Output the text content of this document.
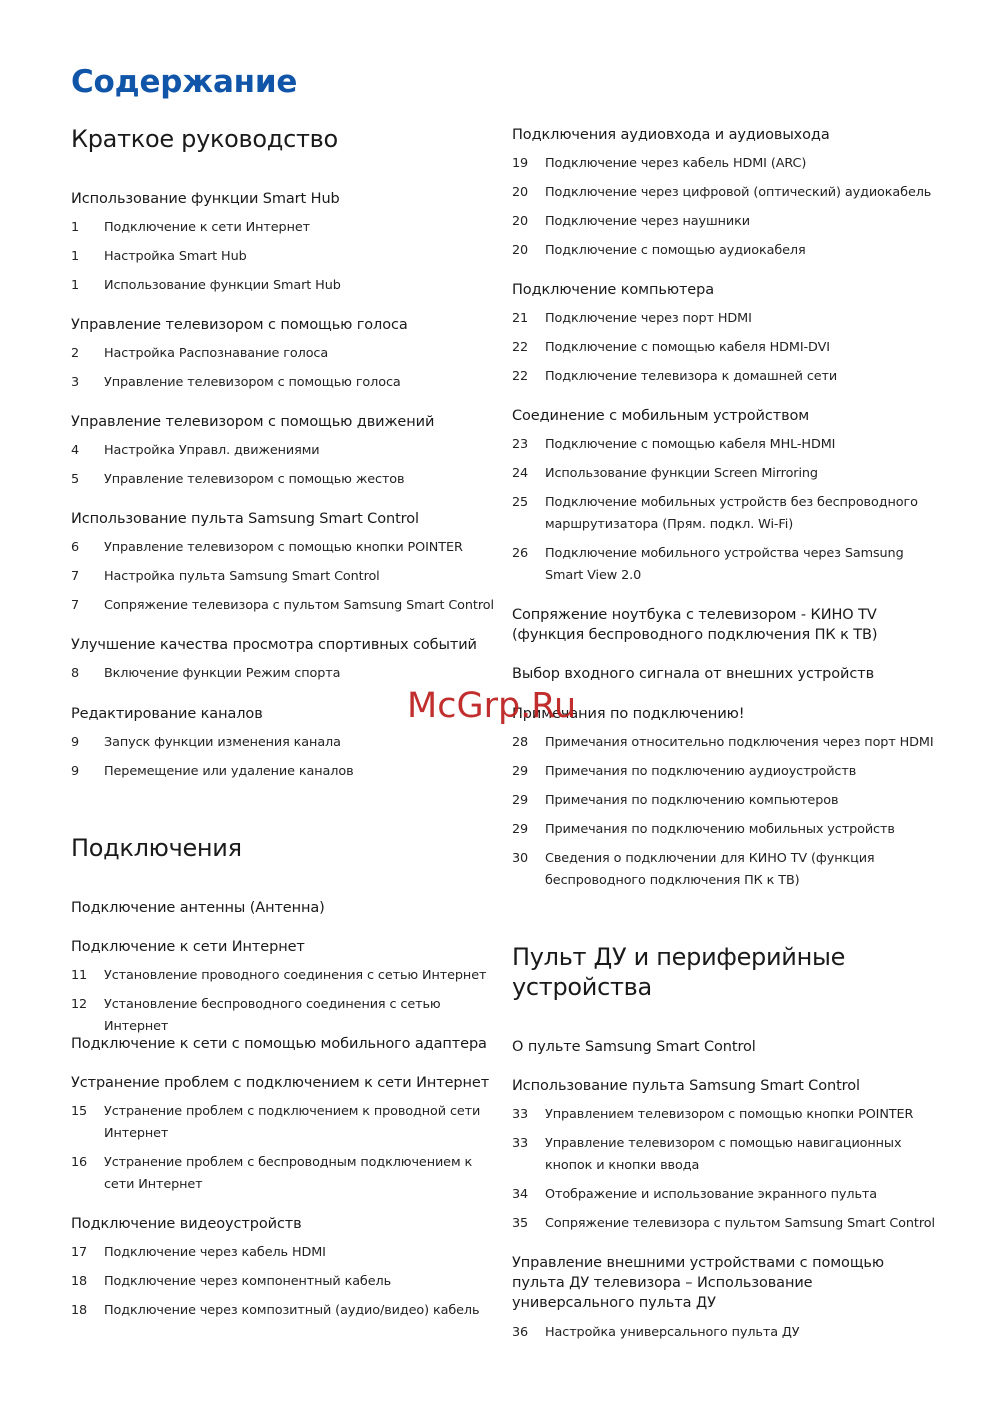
Содержание
Краткое руководство
Использование функции Smart Hub
1	Подключение к сети Интернет
1	Настройка Smart Hub
1	Использование функции Smart Hub
Управление телевизором с помощью голоса
2	Настройка Распознавание голоса
3	Управление телевизором с помощью голоса
Управление телевизором с помощью движений
4	Настройка Управл. движениями
5	Управление телевизором с помощью жестов
Использование пульта Samsung Smart Control
6	Управление телевизором с помощью кнопки POINTER
7	Настройка пульта Samsung Smart Control
7	Сопряжение телевизора с пультом Samsung Smart Control
Улучшение качества просмотра спортивных событий
8	Включение функции Режим спорта
Редактирование каналов
9	Запуск функции изменения канала
9	Перемещение или удаление каналов
Подключения
Подключение антенны (Антенна)
Подключение к сети Интернет
11	Установление проводного соединения с сетью Интернет
12	Установление беспроводного соединения с сетью Интернет
Подключение к сети с помощью мобильного адаптера
Устранение проблем с подключением к сети Интернет
15	Устранение проблем с подключением к проводной сети Интернет
16	Устранение проблем с беспроводным подключением к сети Интернет
Подключение видеоустройств
17	Подключение через кабель HDMI
18	Подключение через компонентный кабель
18	Подключение через композитный (аудио/видео) кабель
Подключения аудиовхода и аудиовыхода
19	Подключение через кабель HDMI (ARC)
20	Подключение через цифровой (оптический) аудиокабель
20	Подключение через наушники
20	Подключение с помощью аудиокабеля
Подключение компьютера
21	Подключение через порт HDMI
22	Подключение с помощью кабеля HDMI-DVI
22	Подключение телевизора к домашней сети
Соединение с мобильным устройством
23	Подключение с помощью кабеля MHL-HDMI
24	Использование функции Screen Mirroring
25	Подключение мобильных устройств без беспроводного маршрутизатора (Прям. подкл. Wi-Fi)
26	Подключение мобильного устройства через Samsung Smart View 2.0
Сопряжение ноутбука с телевизором - КИНО TV (функция беспроводного подключения ПК к ТВ)
Выбор входного сигнала от внешних устройств
Примечания по подключению!
28	Примечания относительно подключения через порт HDMI
29	Примечания по подключению аудиоустройств
29	Примечания по подключению компьютеров
29	Примечания по подключению мобильных устройств
30	Сведения о подключении для КИНО TV (функция беспроводного подключения ПК к ТВ)
Пульт ДУ и периферийные устройства
О пульте Samsung Smart Control
Использование пульта Samsung Smart Control
33	Управлением телевизором с помощью кнопки POINTER
33	Управление телевизором с помощью навигационных кнопок и кнопки ввода
34	Отображение и использование экранного пульта
35	Сопряжение телевизора с пультом Samsung Smart Control
Управление внешними устройствами с помощью пульта ДУ телевизора – Использование универсального пульта ДУ
36	Настройка универсального пульта ДУ
McGrp.Ru
